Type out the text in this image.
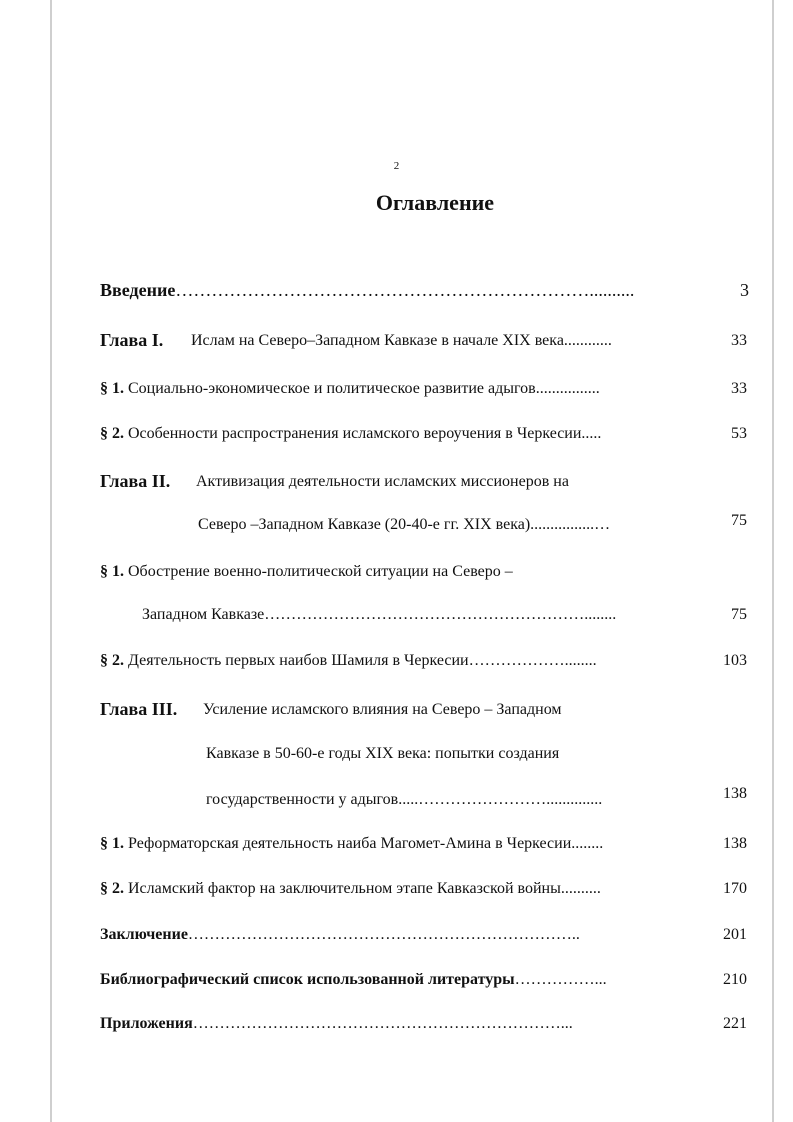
2
Оглавление
Введение……………………………………………………………..........	3
Глава I. Ислам на Северо–Западном Кавказе в начале XIX века............	33
§ 1. Социально-экономическое и политическое развитие адыгов................	33
§ 2. Особенности распространения исламского вероучения в Черкесии.....	53
Глава II. Активизация деятельности исламских миссионеров на
Северо –Западном Кавказе (20-40-е гг. XIX века)................…	75
§ 1. Обострение военно-политической ситуации на Северо –
Западном Кавказе……………………………………………………........	75
§ 2. Деятельность первых наибов Шамиля в Черкесии………………........	103
Глава III. Усиление исламского влияния на Северо – Западном
Кавказе в 50-60-е годы XIX века: попытки создания
государственности у адыгов.....……………………..............	138
§ 1. Реформаторская деятельность наиба Магомет-Амина в Черкесии........	138
§ 2. Исламский фактор на заключительном этапе Кавказской войны..........	170
Заключение………………………………………………………………..	201
Библиографический список использованной литературы……………...	210
Приложения……………………………………………………………...	221
